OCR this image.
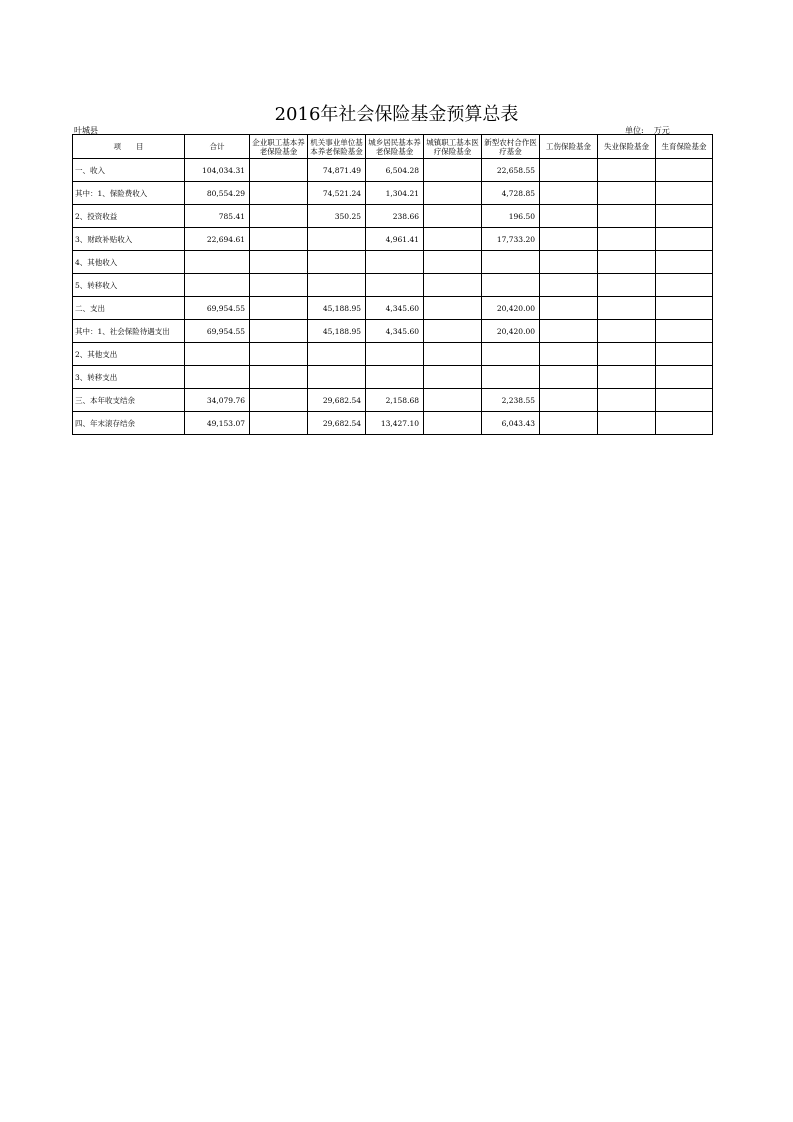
2016年社会保险基金预算总表
叶城县	单位: 万元
项　　目	合计	企业职工基本养老保险基金	机关事业单位基本养老保险基金	城乡居民基本养老保险基金	城镇职工基本医疗保险基金	新型农村合作医疗基金	工伤保险基金	失业保险基金	生育保险基金
一、收入	104,034.31		74,871.49	6,504.28		22,658.55			
其中：1、保险费收入	80,554.29		74,521.24	1,304.21		4,728.85			
2、投资收益	785.41		350.25	238.66		196.50			
3、财政补贴收入	22,694.61			4,961.41		17,733.20			
4、其他收入									
5、转移收入									
二、支出	69,954.55		45,188.95	4,345.60		20,420.00			
其中：1、社会保险待遇支出	69,954.55		45,188.95	4,345.60		20,420.00			
2、其他支出									
3、转移支出									
三、本年收支结余	34,079.76		29,682.54	2,158.68		2,238.55			
四、年末滚存结余	49,153.07		29,682.54	13,427.10		6,043.43			
